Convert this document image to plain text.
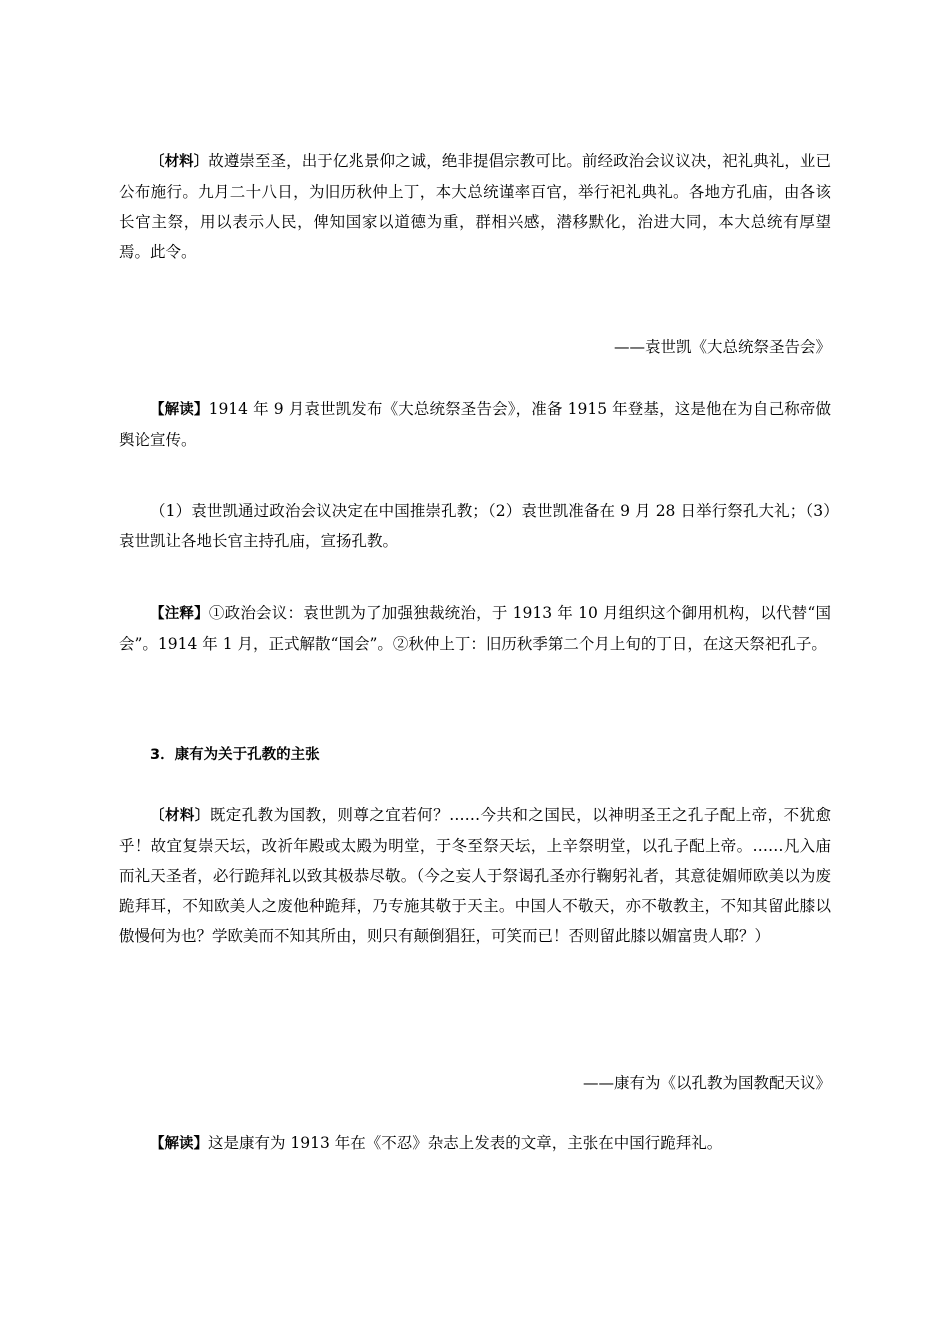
〔材料〕故遵崇至圣，出于亿兆景仰之诚，绝非提倡宗教可比。前经政治会议议决，祀礼典礼，业已公布施行。九月二十八日，为旧历秋仲上丁，本大总统谨率百官，举行祀礼典礼。各地方孔庙，由各该长官主祭，用以表示人民，俾知国家以道德为重，群相兴感，潜移默化，治进大同，本大总统有厚望焉。此令。

——袁世凯《大总统祭圣告会》

【解读】1914 年 9 月袁世凯发布《大总统祭圣告会》，准备 1915 年登基，这是他在为自己称帝做舆论宣传。

（1）袁世凯通过政治会议决定在中国推崇孔教；（2）袁世凯准备在 9 月 28 日举行祭孔大礼；（3）袁世凯让各地长官主持孔庙，宣扬孔教。

【注释】①政治会议：袁世凯为了加强独裁统治，于 1913 年 10 月组织这个御用机构，以代替“国会”。1914 年 1 月，正式解散“国会”。②秋仲上丁：旧历秋季第二个月上旬的丁日，在这天祭祀孔子。

3．康有为关于孔教的主张

〔材料〕既定孔教为国教，则尊之宜若何？……今共和之国民，以神明圣王之孔子配上帝，不犹愈乎！故宜复崇天坛，改祈年殿或太殿为明堂，于冬至祭天坛，上辛祭明堂，以孔子配上帝。……凡入庙而礼天圣者，必行跪拜礼以致其极恭尽敬。（今之妄人于祭谒孔圣亦行鞠躬礼者，其意徒媚师欧美以为废跪拜耳，不知欧美人之废他种跪拜，乃专施其敬于天主。中国人不敬天，亦不敬教主，不知其留此膝以傲慢何为也？学欧美而不知其所由，则只有颠倒猖狂，可笑而已！否则留此膝以媚富贵人耶？）

——康有为《以孔教为国教配天议》

【解读】这是康有为 1913 年在《不忍》杂志上发表的文章，主张在中国行跪拜礼。
